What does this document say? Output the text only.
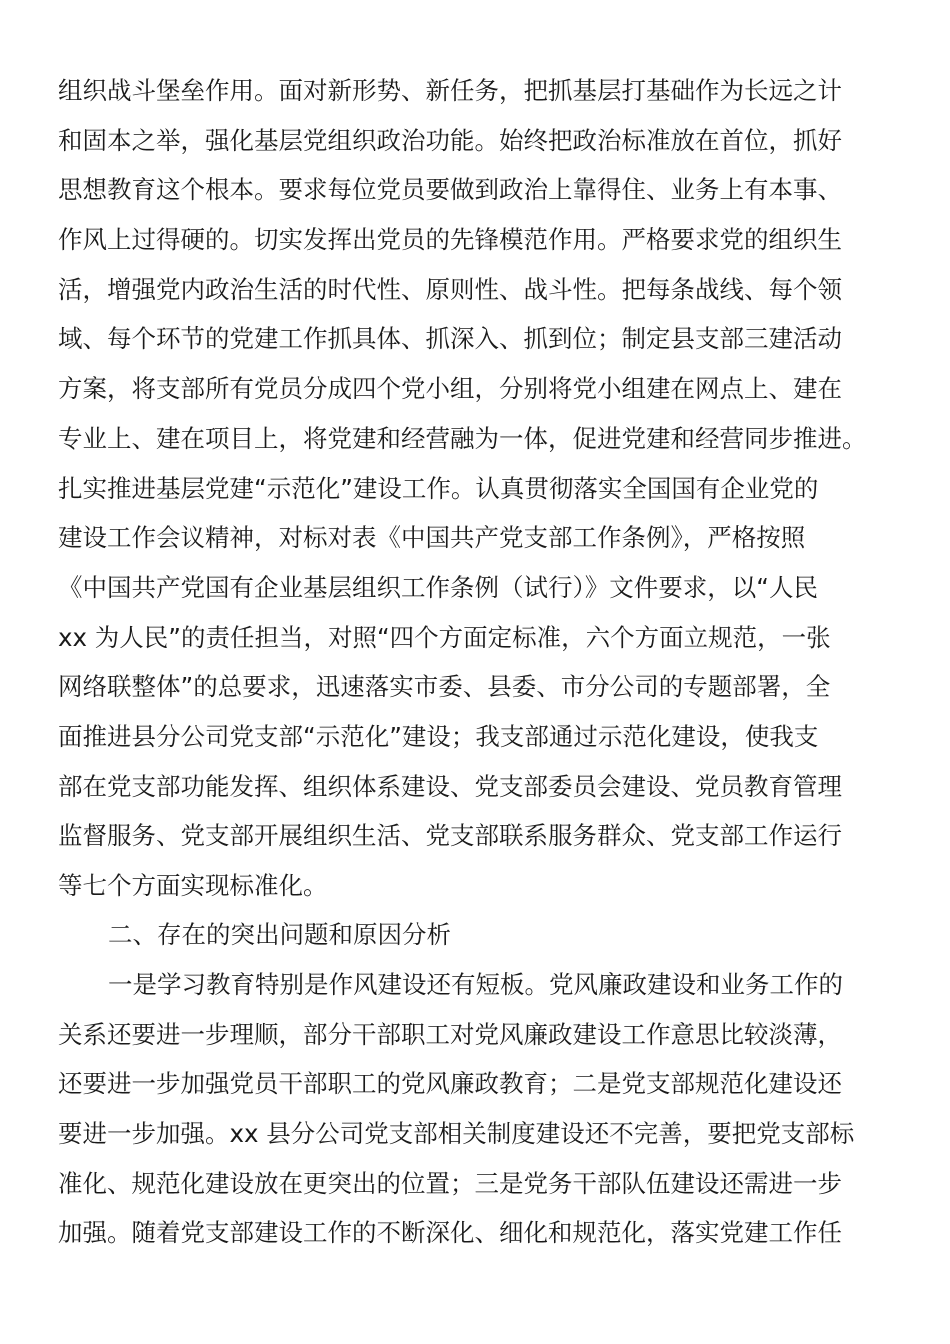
组织战斗堡垒作用。面对新形势、新任务，把抓基层打基础作为长远之计
和固本之举，强化基层党组织政治功能。始终把政治标准放在首位，抓好
思想教育这个根本。要求每位党员要做到政治上靠得住、业务上有本事、
作风上过得硬的。切实发挥出党员的先锋模范作用。严格要求党的组织生
活，增强党内政治生活的时代性、原则性、战斗性。把每条战线、每个领
域、每个环节的党建工作抓具体、抓深入、抓到位；制定县支部三建活动
方案，将支部所有党员分成四个党小组，分别将党小组建在网点上、建在
专业上、建在项目上，将党建和经营融为一体，促进党建和经营同步推进。
扎实推进基层党建“示范化”建设工作。认真贯彻落实全国国有企业党的
建设工作会议精神，对标对表《中国共产党支部工作条例》，严格按照
《中国共产党国有企业基层组织工作条例（试行）》文件要求，以“人民
xx 为人民”的责任担当，对照“四个方面定标准，六个方面立规范，一张
网络联整体”的总要求，迅速落实市委、县委、市分公司的专题部署，全
面推进县分公司党支部“示范化”建设；我支部通过示范化建设，使我支
部在党支部功能发挥、组织体系建设、党支部委员会建设、党员教育管理
监督服务、党支部开展组织生活、党支部联系服务群众、党支部工作运行
等七个方面实现标准化。
二、存在的突出问题和原因分析
一是学习教育特别是作风建设还有短板。党风廉政建设和业务工作的
关系还要进一步理顺，部分干部职工对党风廉政建设工作意思比较淡薄，
还要进一步加强党员干部职工的党风廉政教育；二是党支部规范化建设还
要进一步加强。xx 县分公司党支部相关制度建设还不完善，要把党支部标
准化、规范化建设放在更突出的位置；三是党务干部队伍建设还需进一步
加强。随着党支部建设工作的不断深化、细化和规范化，落实党建工作任
